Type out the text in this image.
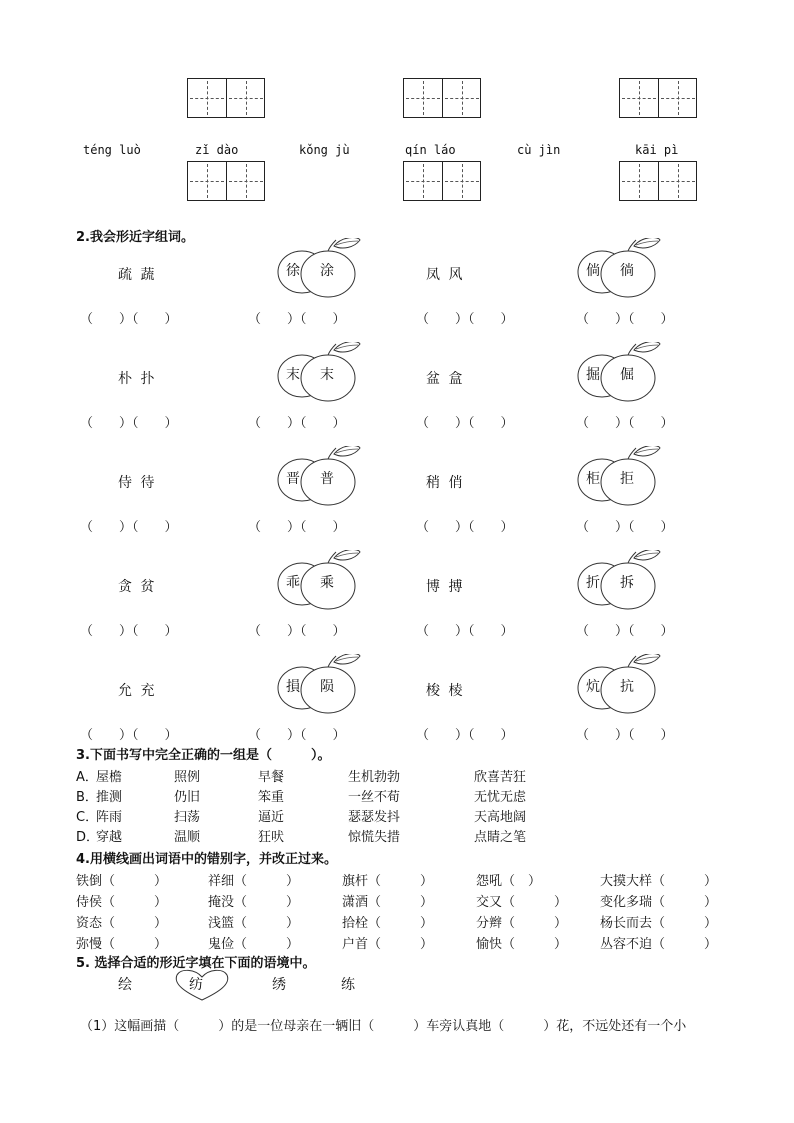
téng luò	zǐ dào	kǒng jù	qín láo	cù jìn	kāi pì
2.我会形近字组词。
疏 蔬	徐 涂	凤 风	倘 徜
（　　）（　　）	（　　）（　　）	（　　）（　　）	（　　）（　　）
朴 扑	末 末	盆 盒	掘 倔
（　　）（　　）	（　　）（　　）	（　　）（　　）	（　　）（　　）
侍 待	晋 普	稍 俏	柜 拒
（　　）（　　）	（　　）（　　）	（　　）（　　）	（　　）（　　）
贪 贫	乖 乘	博 搏	折 拆
（　　）（　　）	（　　）（　　）	（　　）（　　）	（　　）（　　）
允 充	損 陨	梭 棱	炕 抗
（　　）（　　）	（　　）（　　）	（　　）（　　）	（　　）（　　）
3.下面书写中完全正确的一组是（　　　）。
A．
屋檐	照例	早餐	生机勃勃	欣喜苦狂
B．
推测	仍旧	笨重	一丝不荀	无忧无虑
C．
阵雨	扫荡	逼近	瑟瑟发抖	天高地阔
D．
穿越	温顺	狂吠	惊慌失措	点睛之笔
4.用横线画出词语中的错别字，并改正过来。
铁倒（　　　）	祥细（　　　）	旗杆（　　　）	怨吼（　）	大摸大样（　　　）
侍侯（　　　）	掩没（　　　）	潇酒（　　　）	交又（　　　）	变化多瑞（　　　）
资态（　　　）	浅篮（　　　）	拾栓（　　　）	分辫（　　　）	杨长而去（　　　）
弥慢（　　　）	鬼俭（　　　）	户首（　　　）	愉快（　　　）	丛容不迫（　　　）
5. 选择合适的形近字填在下面的语境中。
绘	纺	绣	练
（1）这幅画描（　　　）的是一位母亲在一辆旧（　　　）车旁认真地（　　　）花，不远处还有一个小
